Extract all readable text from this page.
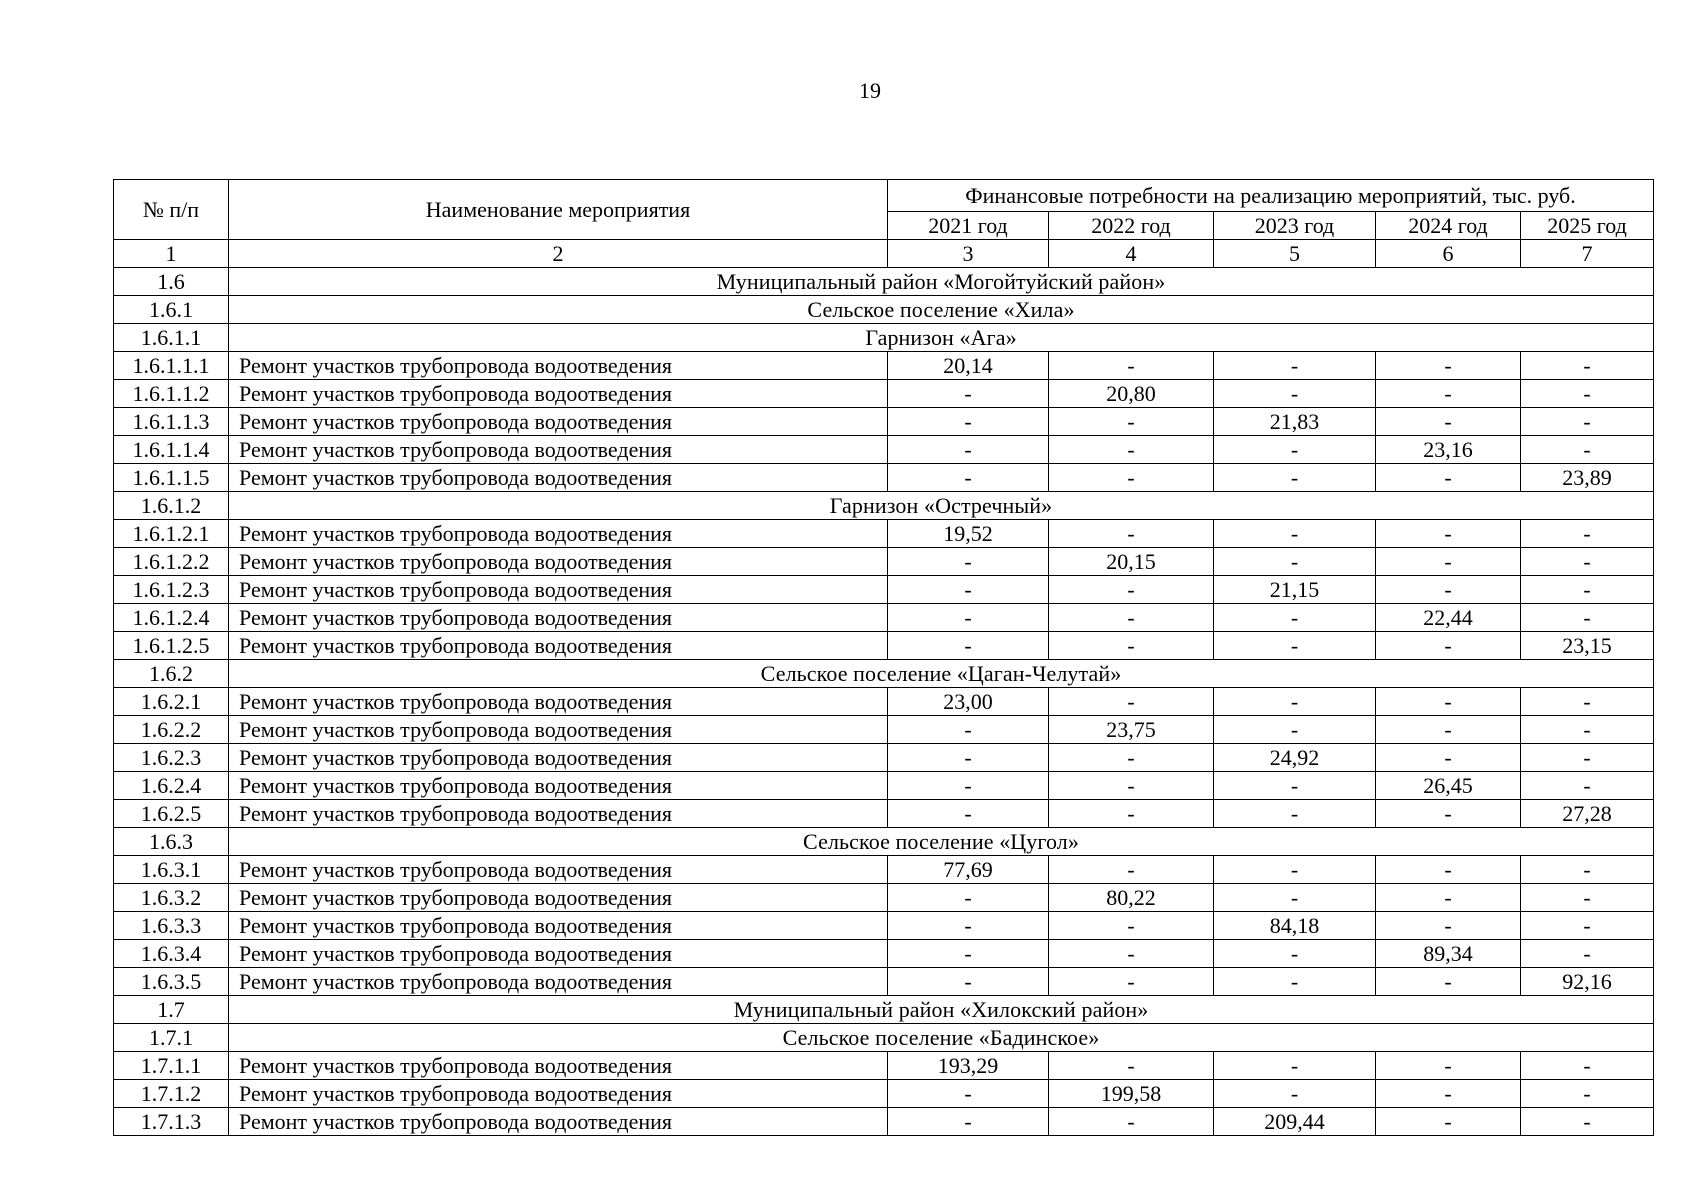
19
№ п/п	Наименование мероприятия	Финансовые потребности на реализацию мероприятий, тыс. руб.				
		2021 год	2022 год	2023 год	2024 год	2025 год
1	2	3	4	5	6	7
1.6	Муниципальный район «Могойтуйский район»					
1.6.1	Сельское поселение «Хила»					
1.6.1.1	Гарнизон «Ага»					
1.6.1.1.1	Ремонт участков трубопровода водоотведения	20,14	-	-	-	-
1.6.1.1.2	Ремонт участков трубопровода водоотведения	-	20,80	-	-	-
1.6.1.1.3	Ремонт участков трубопровода водоотведения	-	-	21,83	-	-
1.6.1.1.4	Ремонт участков трубопровода водоотведения	-	-	-	23,16	-
1.6.1.1.5	Ремонт участков трубопровода водоотведения	-	-	-	-	23,89
1.6.1.2	Гарнизон «Остречный»					
1.6.1.2.1	Ремонт участков трубопровода водоотведения	19,52	-	-	-	-
1.6.1.2.2	Ремонт участков трубопровода водоотведения	-	20,15	-	-	-
1.6.1.2.3	Ремонт участков трубопровода водоотведения	-	-	21,15	-	-
1.6.1.2.4	Ремонт участков трубопровода водоотведения	-	-	-	22,44	-
1.6.1.2.5	Ремонт участков трубопровода водоотведения	-	-	-	-	23,15
1.6.2	Сельское поселение «Цаган-Челутай»					
1.6.2.1	Ремонт участков трубопровода водоотведения	23,00	-	-	-	-
1.6.2.2	Ремонт участков трубопровода водоотведения	-	23,75	-	-	-
1.6.2.3	Ремонт участков трубопровода водоотведения	-	-	24,92	-	-
1.6.2.4	Ремонт участков трубопровода водоотведения	-	-	-	26,45	-
1.6.2.5	Ремонт участков трубопровода водоотведения	-	-	-	-	27,28
1.6.3	Сельское поселение «Цугол»					
1.6.3.1	Ремонт участков трубопровода водоотведения	77,69	-	-	-	-
1.6.3.2	Ремонт участков трубопровода водоотведения	-	80,22	-	-	-
1.6.3.3	Ремонт участков трубопровода водоотведения	-	-	84,18	-	-
1.6.3.4	Ремонт участков трубопровода водоотведения	-	-	-	89,34	-
1.6.3.5	Ремонт участков трубопровода водоотведения	-	-	-	-	92,16
1.7	Муниципальный район «Хилокский район»					
1.7.1	Сельское поселение «Бадинское»					
1.7.1.1	Ремонт участков трубопровода водоотведения	193,29	-	-	-	-
1.7.1.2	Ремонт участков трубопровода водоотведения	-	199,58	-	-	-
1.7.1.3	Ремонт участков трубопровода водоотведения	-	-	209,44	-	-
